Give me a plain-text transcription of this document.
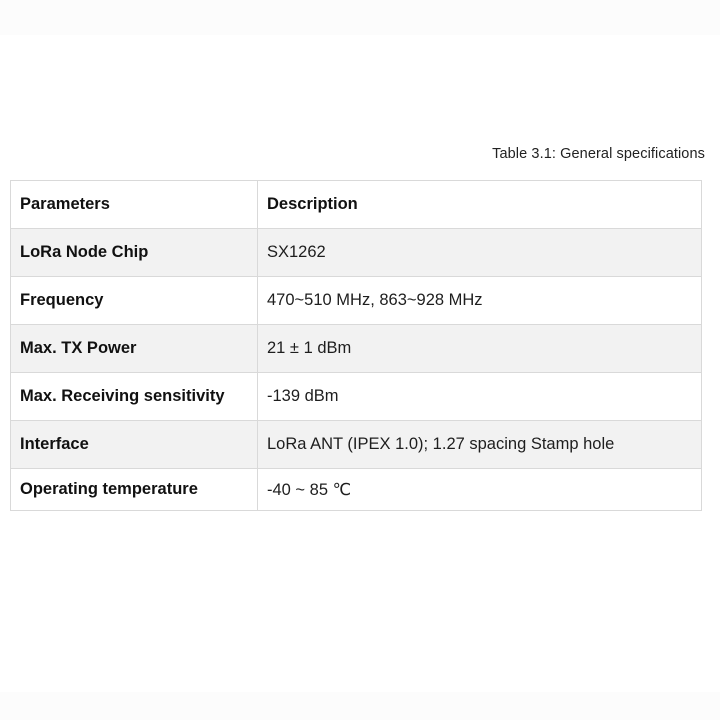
Table 3.1: General specifications
Parameters	Description
LoRa Node Chip	SX1262
Frequency	470~510 MHz, 863~928 MHz
Max. TX Power	21 ± 1 dBm
Max. Receiving sensitivity	-139 dBm
Interface	LoRa ANT (IPEX 1.0); 1.27 spacing Stamp hole
Operating temperature	-40 ~ 85 ℃
